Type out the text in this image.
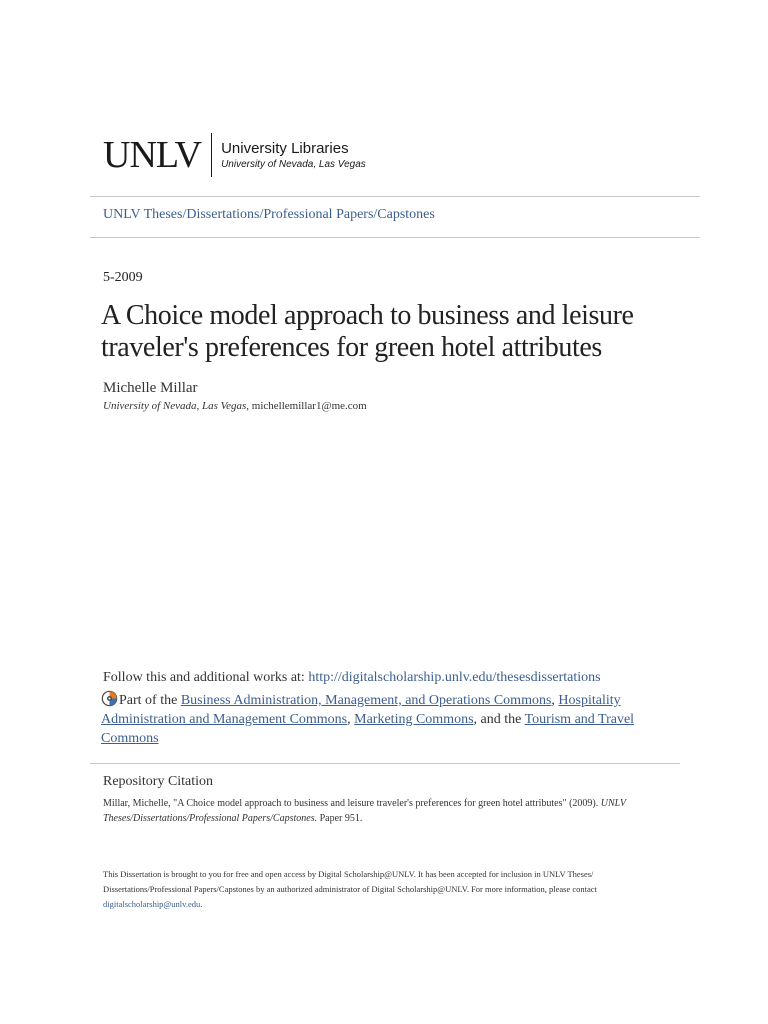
UNLV University Libraries
University of Nevada, Las Vegas
UNLV Theses/Dissertations/Professional Papers/Capstones
5-2009
A Choice model approach to business and leisure traveler's preferences for green hotel attributes
Michelle Millar
University of Nevada, Las Vegas, michellemillar1@me.com
Follow this and additional works at: http://digitalscholarship.unlv.edu/thesesdissertations
Part of the Business Administration, Management, and Operations Commons, Hospitality Administration and Management Commons, Marketing Commons, and the Tourism and Travel Commons
Repository Citation
Millar, Michelle, "A Choice model approach to business and leisure traveler's preferences for green hotel attributes" (2009). UNLV Theses/Dissertations/Professional Papers/Capstones. Paper 951.
This Dissertation is brought to you for free and open access by Digital Scholarship@UNLV. It has been accepted for inclusion in UNLV Theses/ Dissertations/Professional Papers/Capstones by an authorized administrator of Digital Scholarship@UNLV. For more information, please contact digitalscholarship@unlv.edu.
